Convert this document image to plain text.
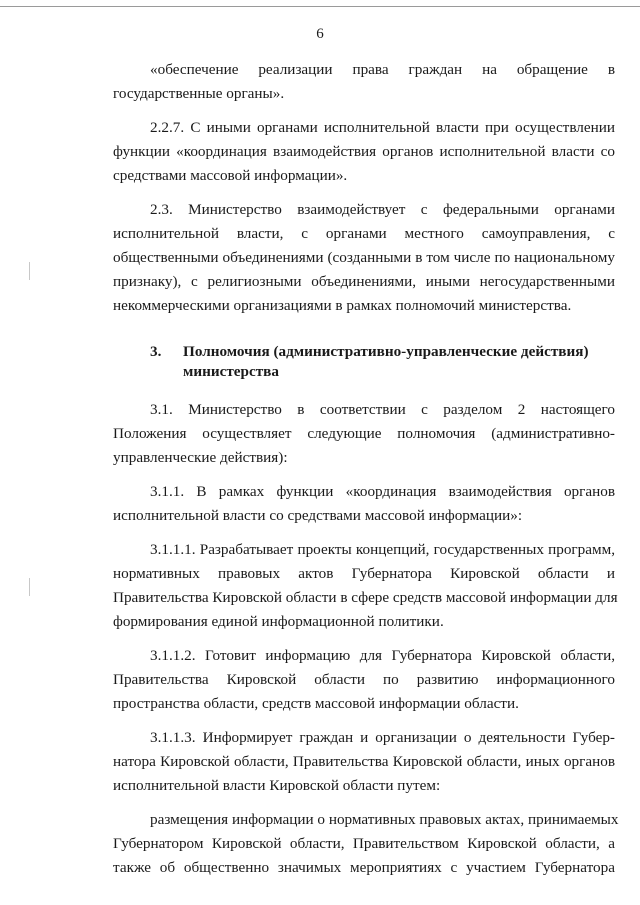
6
«обеспечение реализации права граждан на обращение в
государственные органы».
2.2.7. С иными органами исполнительной власти при осуществлении
функции «координация взаимодействия органов исполнительной власти со
средствами массовой информации».
2.3. Министерство взаимодействует с федеральными органами
исполнительной власти, с органами местного самоуправления, с
общественными объединениями (созданными в том числе по национальному
признаку), с религиозными объединениями, иными негосударственными
некоммерческими организациями в рамках полномочий министерства.
3.	Полномочия (административно-управленческие действия)
министерства
3.1. Министерство в соответствии с разделом 2 настоящего
Положения осуществляет следующие полномочия (административно-
управленческие действия):
3.1.1. В рамках функции «координация взаимодействия органов
исполнительной власти со средствами массовой информации»:
3.1.1.1. Разрабатывает проекты концепций, государственных программ,
нормативных правовых актов Губернатора Кировской области и
Правительства Кировской области в сфере средств массовой информации для
формирования единой информационной политики.
3.1.1.2. Готовит информацию для Губернатора Кировской области,
Правительства Кировской области по развитию информационного
пространства области, средств массовой информации области.
3.1.1.3. Информирует граждан и организации о деятельности Губер-
натора Кировской области, Правительства Кировской области, иных органов
исполнительной власти Кировской области путем:
размещения информации о нормативных правовых актах, принимаемых
Губернатором Кировской области, Правительством Кировской области, а
также об общественно значимых мероприятиях с участием Губернатора
